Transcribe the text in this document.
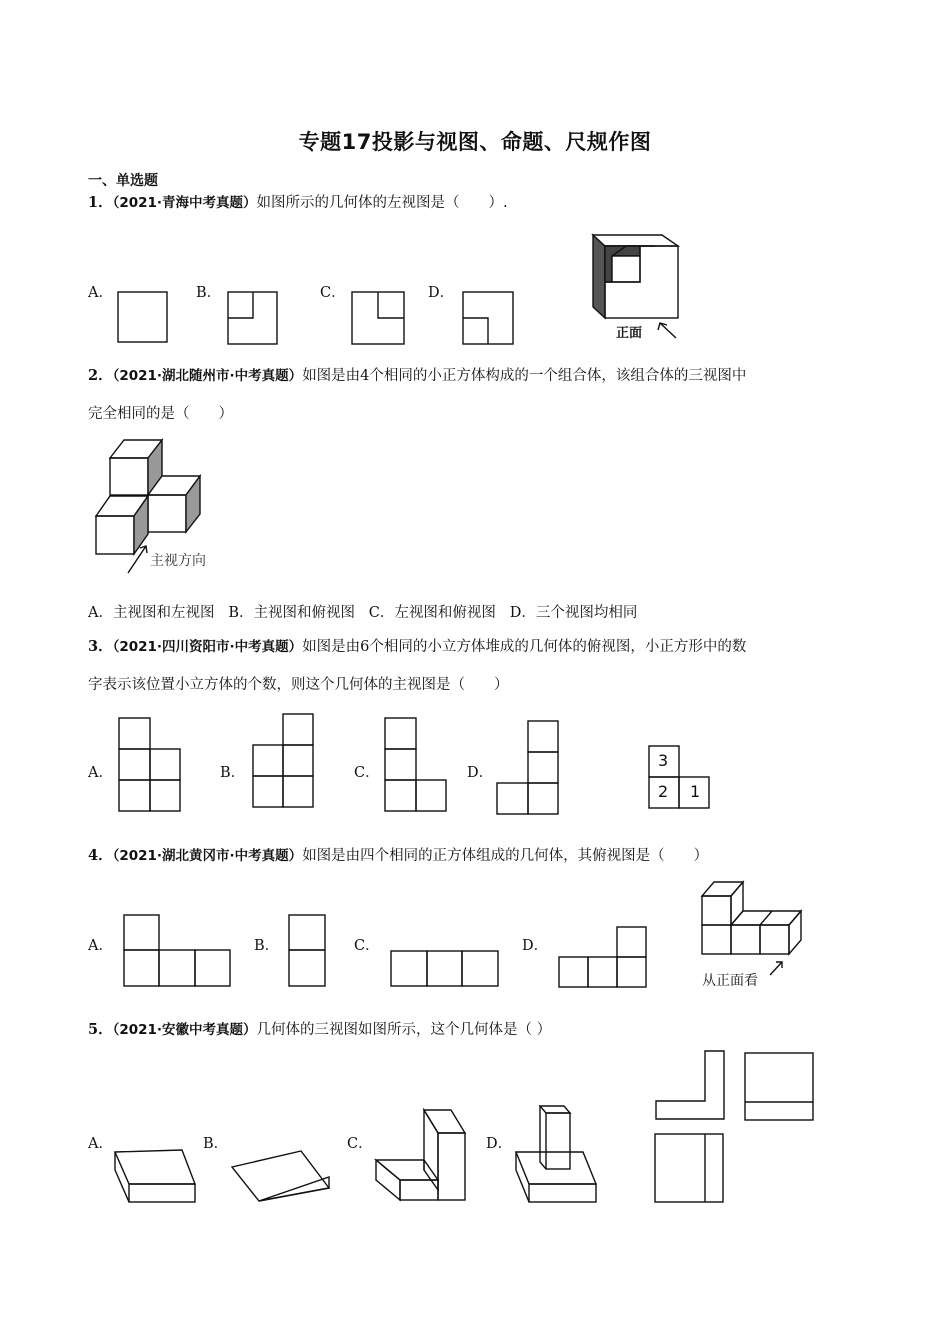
专题17投影与视图、命题、尺规作图
一、单选题
1．（2021·青海中考真题）如图所示的几何体的左视图是（　　）.
A．	B．	C．	D．
正面
2．（2021·湖北随州市·中考真题）如图是由4个相同的小正方体构成的一个组合体，该组合体的三视图中
完全相同的是（　　）
主视方向
A．主视图和左视图 B．主视图和俯视图 C．左视图和俯视图 D．三个视图均相同
3．（2021·四川资阳市·中考真题）如图是由6个相同的小立方体堆成的几何体的俯视图，小正方形中的数
字表示该位置小立方体的个数，则这个几何体的主视图是（　　）
A．	B．	C．	D．
3
2 1
4．（2021·湖北黄冈市·中考真题）如图是由四个相同的正方体组成的几何体，其俯视图是（　　）
A．	B．	C．	D．
从正面看
5．（2021·安徽中考真题）几何体的三视图如图所示，这个几何体是（ ）
A．	B．	C．	D．
